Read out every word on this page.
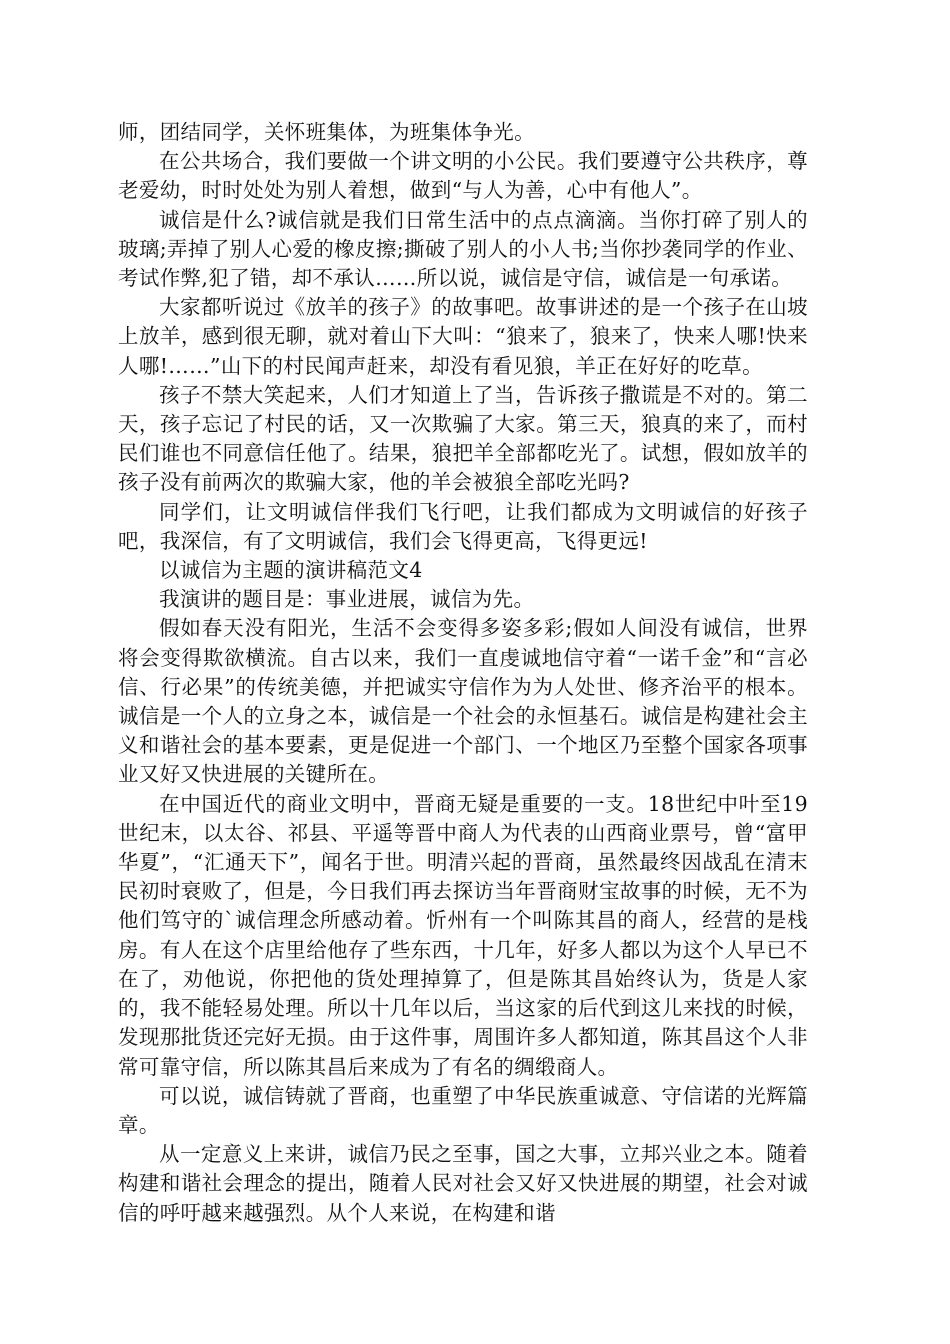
师，团结同学，关怀班集体，为班集体争光。

在公共场合，我们要做一个讲文明的小公民。我们要遵守公共秩序，尊老爱幼，时时处处为别人着想，做到“与人为善，心中有他人”。

诚信是什么?诚信就是我们日常生活中的点点滴滴。当你打碎了别人的玻璃;弄掉了别人心爱的橡皮擦;撕破了别人的小人书;当你抄袭同学的作业、考试作弊,犯了错，却不承认……所以说，诚信是守信，诚信是一句承诺。

大家都听说过《放羊的孩子》的故事吧。故事讲述的是一个孩子在山坡上放羊，感到很无聊，就对着山下大叫：“狼来了，狼来了，快来人哪!快来人哪!……”山下的村民闻声赶来，却没有看见狼，羊正在好好的吃草。

孩子不禁大笑起来，人们才知道上了当，告诉孩子撒谎是不对的。第二天，孩子忘记了村民的话，又一次欺骗了大家。第三天，狼真的来了，而村民们谁也不同意信任他了。结果，狼把羊全部都吃光了。试想，假如放羊的孩子没有前两次的欺骗大家，他的羊会被狼全部吃光吗?

同学们，让文明诚信伴我们飞行吧，让我们都成为文明诚信的好孩子吧，我深信，有了文明诚信，我们会飞得更高，飞得更远!

以诚信为主题的演讲稿范文4

我演讲的题目是：事业进展，诚信为先。

假如春天没有阳光，生活不会变得多姿多彩;假如人间没有诚信，世界将会变得欺欲横流。自古以来，我们一直虔诚地信守着“一诺千金”和“言必信、行必果”的传统美德，并把诚实守信作为为人处世、修齐治平的根本。诚信是一个人的立身之本，诚信是一个社会的永恒基石。诚信是构建社会主义和谐社会的基本要素，更是促进一个部门、一个地区乃至整个国家各项事业又好又快进展的关键所在。

在中国近代的商业文明中，晋商无疑是重要的一支。18世纪中叶至19世纪末，以太谷、祁县、平遥等晋中商人为代表的山西商业票号，曾“富甲华夏”，“汇通天下”，闻名于世。明清兴起的晋商，虽然最终因战乱在清末民初时衰败了，但是，今日我们再去探访当年晋商财宝故事的时候，无不为他们笃守的`诚信理念所感动着。忻州有一个叫陈其昌的商人，经营的是栈房。有人在这个店里给他存了些东西，十几年，好多人都以为这个人早已不在了，劝他说，你把他的货处理掉算了，但是陈其昌始终认为，货是人家的，我不能轻易处理。所以十几年以后，当这家的后代到这儿来找的时候，发现那批货还完好无损。由于这件事，周围许多人都知道，陈其昌这个人非常可靠守信，所以陈其昌后来成为了有名的绸缎商人。

可以说，诚信铸就了晋商，也重塑了中华民族重诚意、守信诺的光辉篇章。

从一定意义上来讲，诚信乃民之至事，国之大事，立邦兴业之本。随着构建和谐社会理念的提出，随着人民对社会又好又快进展的期望，社会对诚信的呼吁越来越强烈。从个人来说，在构建和谐
